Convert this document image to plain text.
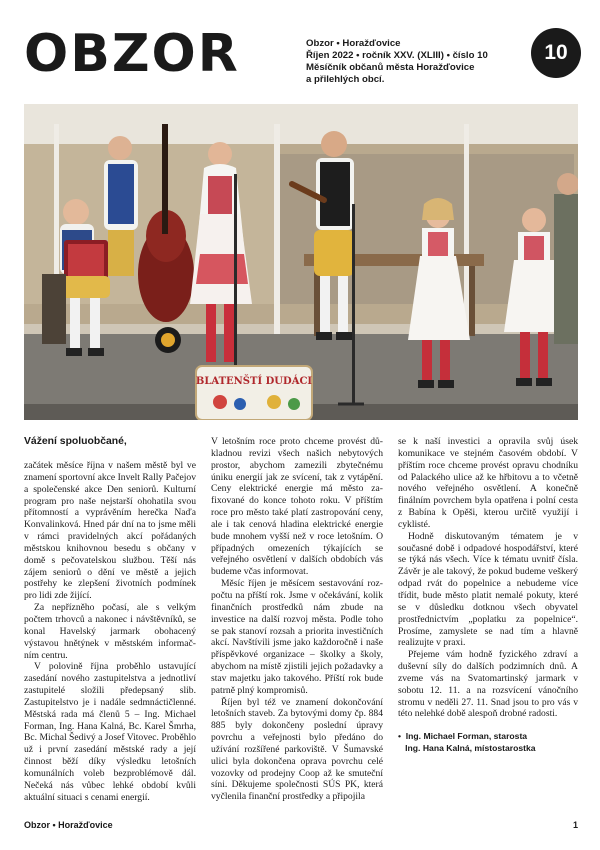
OBZOR	Obzor • Horažďovice
Říjen 2022 • ročník XXV. (XLIII) • číslo 10
Měsíčník občanů města Horažďovice
a přilehlých obcí.
10
BLATENŠTÍ DUDÁCI
Vážení spoluobčané,

začátek měsíce října v našem městě byl ve znamení sportovní akce Invelt Rally Pačejov a společenské akce Den seniorů. Kulturní program pro naše nejstarší ohohatila svou přítomností a vyprávěním herečka Naďa Konvalinková. Hned pár dní na to jsme měli v rámci pravidelných akcí pořádaných městskou knihovnou besedu s občany v domě s pečovatelskou službou. Těší nás zájem seniorů o dění ve městě a jejich postřehy ke zlepšení životních podmínek pro lidi zde žijící.

Za nepřízněho počasí, ale s velkým počtem trhovců a nakonec i návštěvníků, se konal Havelský jarmark obohacený výstavou hnětýnek v městském informačním centru.

V polovině října proběhlo ustavující zasedání nového zastupitelstva a jednotliví zastupitelé složili předepsaný slib. Zastupitelstvo je i nadále sedmnáctičlenné. Městská rada má členů 5 – Ing. Michael Forman, Ing. Hana Kalná, Bc. Karel Šmrha, Bc. Michal Šedivý a Josef Vitovec. Proběhlo už i první zasedání městské rady a její činnost běží díky výsledku letošních komunálních voleb bezproblémově dál. Nečeká nás vůbec lehké období kvůli aktuální situaci s cenami energií.

V letošním roce proto chceme provést důkladnou revizi všech našich nebytových prostor, abychom zamezili zbytečnému úniku energií jak ze svícení, tak z vytápění. Ceny elektrické energie má město zafixované do konce tohoto roku. V příštím roce pro město také platí zastropování ceny, ale i tak cenová hladina elektrické energie bude mnohem vyšší než v roce letošním. O případných omezeních týkajících se veřejného osvětlení v dalších obdobích vás budeme včas informovat.

Měsíc říjen je měsícem sestavování rozpočtu na příští rok. Jsme v očekávání, kolik finančních prostředků nám zbude na investice na další rozvoj města. Podle toho se pak stanoví rozsah a priorita investičních akcí. Navštívili jsme jako každoročně i naše příspěvkové organizace – školky a školy, abychom na místě zjistili jejich požadavky a stav majetku jako takového. Příští rok bude patrně plný kompromisů.

Říjen byl též ve znamení dokončování letošních staveb. Za bytovými domy čp. 884 885 byly dokončeny poslední úpravy povrchu a veřejnosti bylo předáno do užívání rozšířené parkoviště. V Šumavské ulici byla dokončena oprava povrchu celé vozovky od prodejny Coop až ke smuteční síni. Děkujeme společnosti SÚS PK, která vyčlenila finanční prostředky a připojila

se k naší investici a opravila svůj úsek komunikace ve stejném časovém období. V příštím roce chceme provést opravu chodníku od Palackého ulice až ke hřbitovu a to včetně nového veřejného osvětlení. A konečně finálním povrchem byla opatřena i polní cesta z Babína k Opěši, kterou určitě využijí i cyklisté.

Hodně diskutovaným tématem je v současné době i odpadové hospodářství, které se týká nás všech. Více k tématu uvnitř čísla. Závěr je ale takový, že pokud budeme veškerý odpad rvát do popelnice a nebudeme více třídit, bude město platit nemalé pokuty, které se v důsledku dotknou všech obyvatel prostřednictvím „poplatku za popelnice“. Prosíme, zamyslete se nad tím a hlavně realizujte v praxi.

Přejeme vám hodně fyzického zdraví a duševní síly do dalších podzimních dnů. A zveme vás na Svatomartinský jarmark v sobotu 12. 11. a na rozsvícení vánočního stromu v neděli 27. 11. Snad jsou to pro vás v této nelehké době alespoň drobné radosti.

•  Ing. Michael Forman, starosta
Ing. Hana Kalná, místostarostka
Obzor • Horažďovice	1
